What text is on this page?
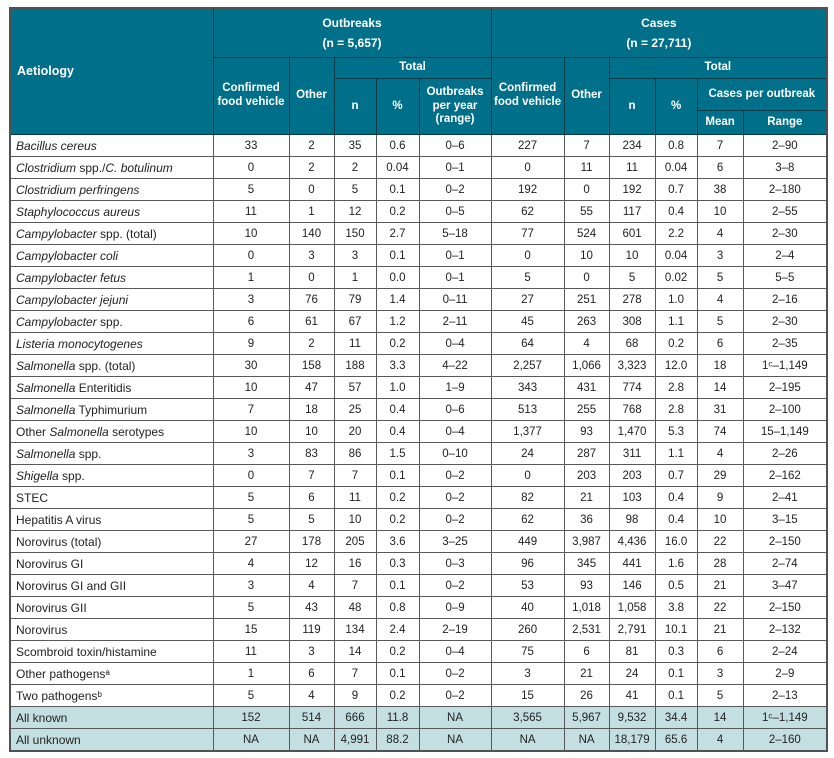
Aetiology	
Outbreaks
(n = 5,657)

Cases
(n = 27,711)

	Confirmed food vehicle	Other	Total			Confirmed food vehicle	Other	Total			
			n	%	Outbreaks per year (range)			n	%	Cases per outbreak	
										Mean	Range
Bacillus cereus	33	2	35	0.6	0–6	227	7	234	0.8	7	2–90
Clostridium spp./C. botulinum	0	2	2	0.04	0–1	0	11	11	0.04	6	3–8
Clostridium perfringens	5	0	5	0.1	0–2	192	0	192	0.7	38	2–180
Staphylococcus aureus	11	1	12	0.2	0–5	62	55	117	0.4	10	2–55
Campylobacter spp. (total)	10	140	150	2.7	5–18	77	524	601	2.2	4	2–30
Campylobacter coli	0	3	3	0.1	0–1	0	10	10	0.04	3	2–4
Campylobacter fetus	1	0	1	0.0	0–1	5	0	5	0.02	5	5–5
Campylobacter jejuni	3	76	79	1.4	0–11	27	251	278	1.0	4	2–16
Campylobacter spp.	6	61	67	1.2	2–11	45	263	308	1.1	5	2–30
Listeria monocytogenes	9	2	11	0.2	0–4	64	4	68	0.2	6	2–35
Salmonella spp. (total)	30	158	188	3.3	4–22	2,257	1,066	3,323	12.0	18	1ᶜ–1,149
Salmonella Enteritidis	10	47	57	1.0	1–9	343	431	774	2.8	14	2–195
Salmonella Typhimurium	7	18	25	0.4	0–6	513	255	768	2.8	31	2–100
Other Salmonella serotypes	10	10	20	0.4	0–4	1,377	93	1,470	5.3	74	15–1,149
Salmonella spp.	3	83	86	1.5	0–10	24	287	311	1.1	4	2–26
Shigella spp.	0	7	7	0.1	0–2	0	203	203	0.7	29	2–162
STEC	5	6	11	0.2	0–2	82	21	103	0.4	9	2–41
Hepatitis A virus	5	5	10	0.2	0–2	62	36	98	0.4	10	3–15
Norovirus (total)	27	178	205	3.6	3–25	449	3,987	4,436	16.0	22	2–150
Norovirus GI	4	12	16	0.3	0–3	96	345	441	1.6	28	2–74
Norovirus GI and GII	3	4	7	0.1	0–2	53	93	146	0.5	21	3–47
Norovirus GII	5	43	48	0.8	0–9	40	1,018	1,058	3.8	22	2–150
Norovirus	15	119	134	2.4	2–19	260	2,531	2,791	10.1	21	2–132
Scombroid toxin/histamine	11	3	14	0.2	0–4	75	6	81	0.3	6	2–24
Other pathogensᵃ	1	6	7	0.1	0–2	3	21	24	0.1	3	2–9
Two pathogensᵇ	5	4	9	0.2	0–2	15	26	41	0.1	5	2–13
All known	152	514	666	11.8	NA	3,565	5,967	9,532	34.4	14	1ᶜ–1,149
All unknown	NA	NA	4,991	88.2	NA	NA	NA	18,179	65.6	4	2–160
